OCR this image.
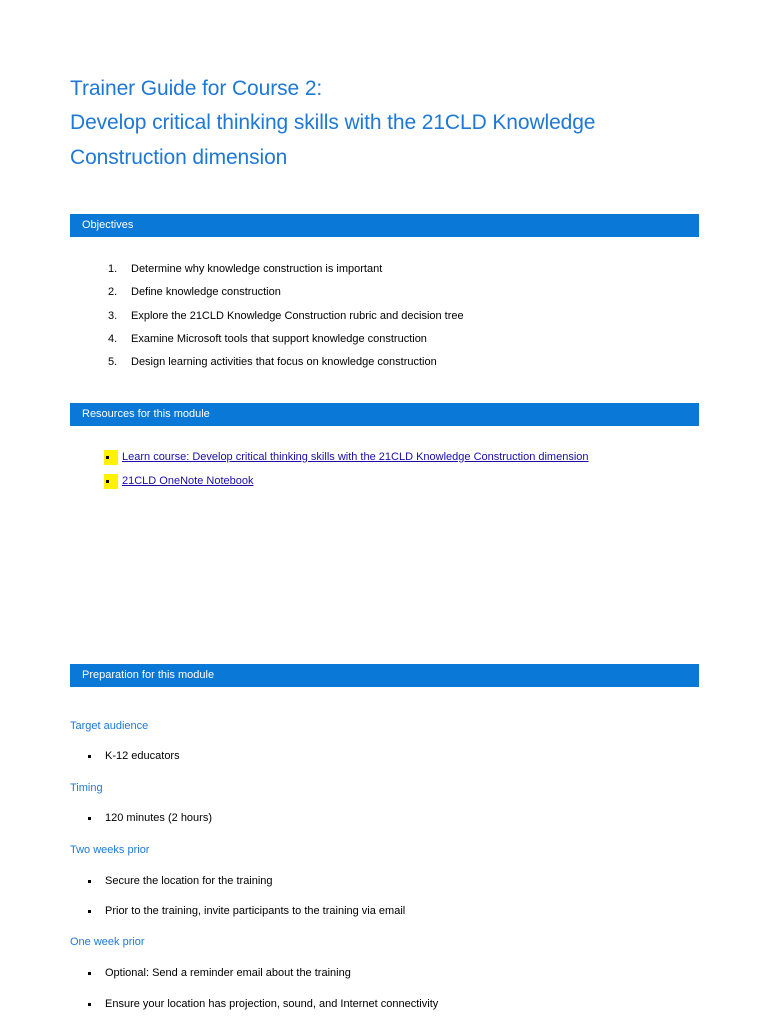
Trainer Guide for Course 2:
Develop critical thinking skills with the 21CLD Knowledge
Construction dimension
Objectives
1.	Determine why knowledge construction is important
2.	Define knowledge construction
3.	Explore the 21CLD Knowledge Construction rubric and decision tree
4.	Examine Microsoft tools that support knowledge construction
5.	Design learning activities that focus on knowledge construction
Resources for this module
Learn course: Develop critical thinking skills with the 21CLD Knowledge Construction dimension
21CLD OneNote Notebook
Preparation for this module
Target audience
K-12 educators
Timing
120 minutes (2 hours)
Two weeks prior
Secure the location for the training
Prior to the training, invite participants to the training via email
One week prior
Optional: Send a reminder email about the training
Ensure your location has projection, sound, and Internet connectivity
